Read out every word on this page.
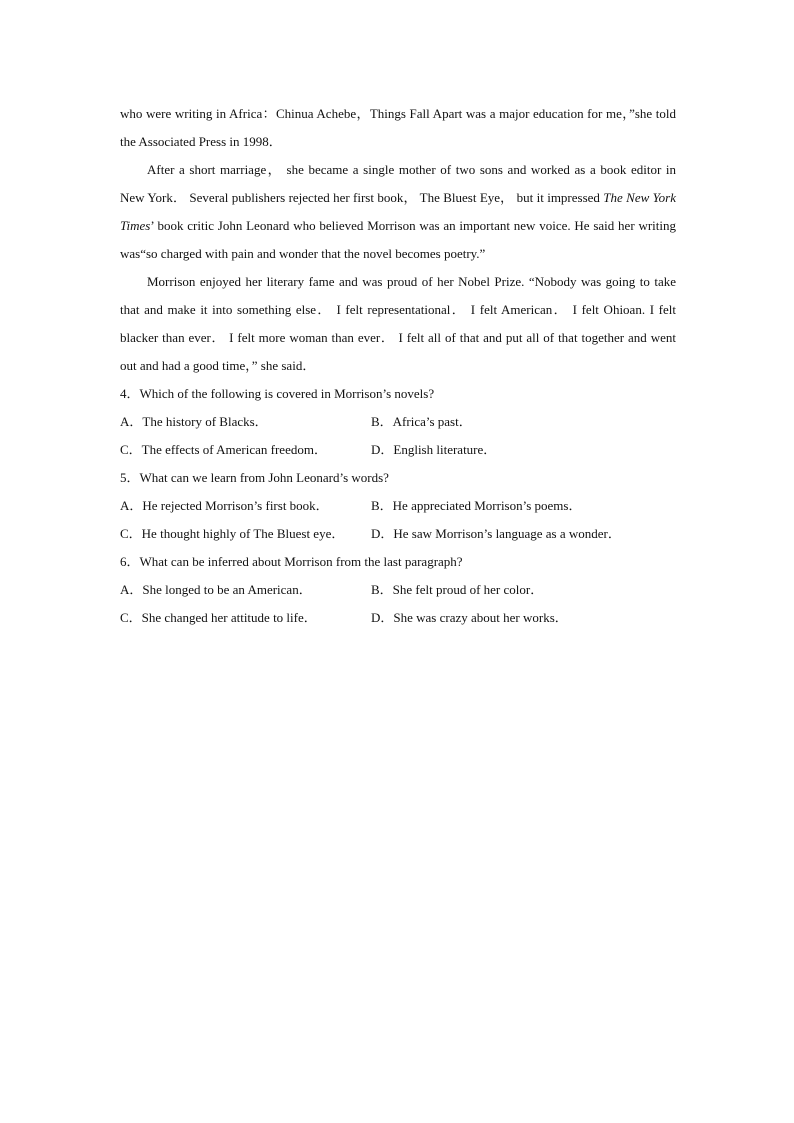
who were writing in Africa：Chinua Achebe，Things Fall Apart was a major education for me，”she told the Associated Press in 1998．

After a short marriage， she became a single mother of two sons and worked as a book editor in New York． Several publishers rejected her first book， The Bluest Eye， but it impressed The New York Times’ book critic John Leonard who believed Morrison was an important new voice. He said her writing was“so charged with pain and wonder that the novel becomes poetry.”

Morrison enjoyed her literary fame and was proud of her Nobel Prize. “Nobody was going to take that and make it into something else． I felt representational． I felt American． I felt Ohioan. I felt blacker than ever． I felt more woman than ever． I felt all of that and put all of that together and went out and had a good time，” she said．

4．Which of the following is covered in Morrison’s novels?

A．The history of Blacks．	B．Africa’s past．
C．The effects of American freedom．	D．English literature．

5．What can we learn from John Leonard’s words?

A．He rejected Morrison’s first book．	B．He appreciated Morrison’s poems．
C．He thought highly of The Bluest eye．	D．He saw Morrison’s language as a wonder．

6．What can be inferred about Morrison from the last paragraph?

A．She longed to be an American．	B．She felt proud of her color．
C．She changed her attitude to life．	D．She was crazy about her works．
